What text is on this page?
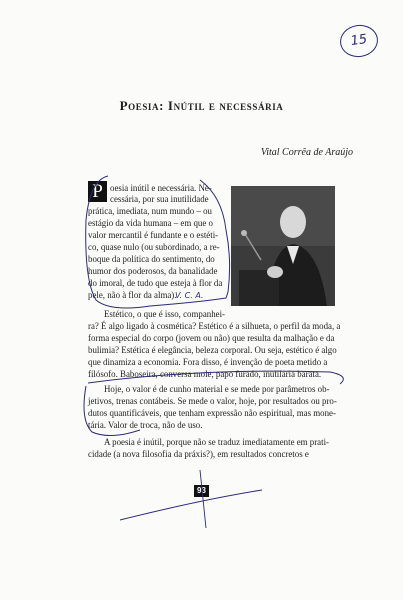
15
Poesia: Inútil e necessária
Vital Corrêa de Araújo
P oesia inútil e necessária. Ne-
cessária, por sua inutilidade
prática, imediata, num mundo – ou
estágio da vida humana – em que o
valor mercantil é fundante e o estéti-
co, quase nulo (ou subordinado, a re-
boque da política do sentimento, do
humor dos poderosos, da banalidade
do imoral, de tudo que esteja à flor da
pele, não à flor da alma).
V. C. A.
Estético, o que é isso, companhei-
ra? É algo ligado à cosmética? Estético é a silhueta, o perfil da moda, a
forma especial do corpo (jovem ou não) que resulta da malhação e da
bulimia? Estética é elegância, beleza corporal. Ou seja, estético é algo
que dinamiza a economia. Fora disso, é invenção de poeta metido a
filósofo. Baboseira, conversa mole, papo furado, inutilaria barata.
Hoje, o valor é de cunho material e se mede por parâmetros ob-
jetivos, trenas contábeis. Se mede o valor, hoje, por resultados ou pro-
dutos quantificáveis, que tenham expressão não espiritual, mas mone-
tária. Valor de troca, não de uso.
A poesia é inútil, porque não se traduz imediatamente em prati-
cidade (a nova filosofia da práxis?), em resultados concretos e
93
